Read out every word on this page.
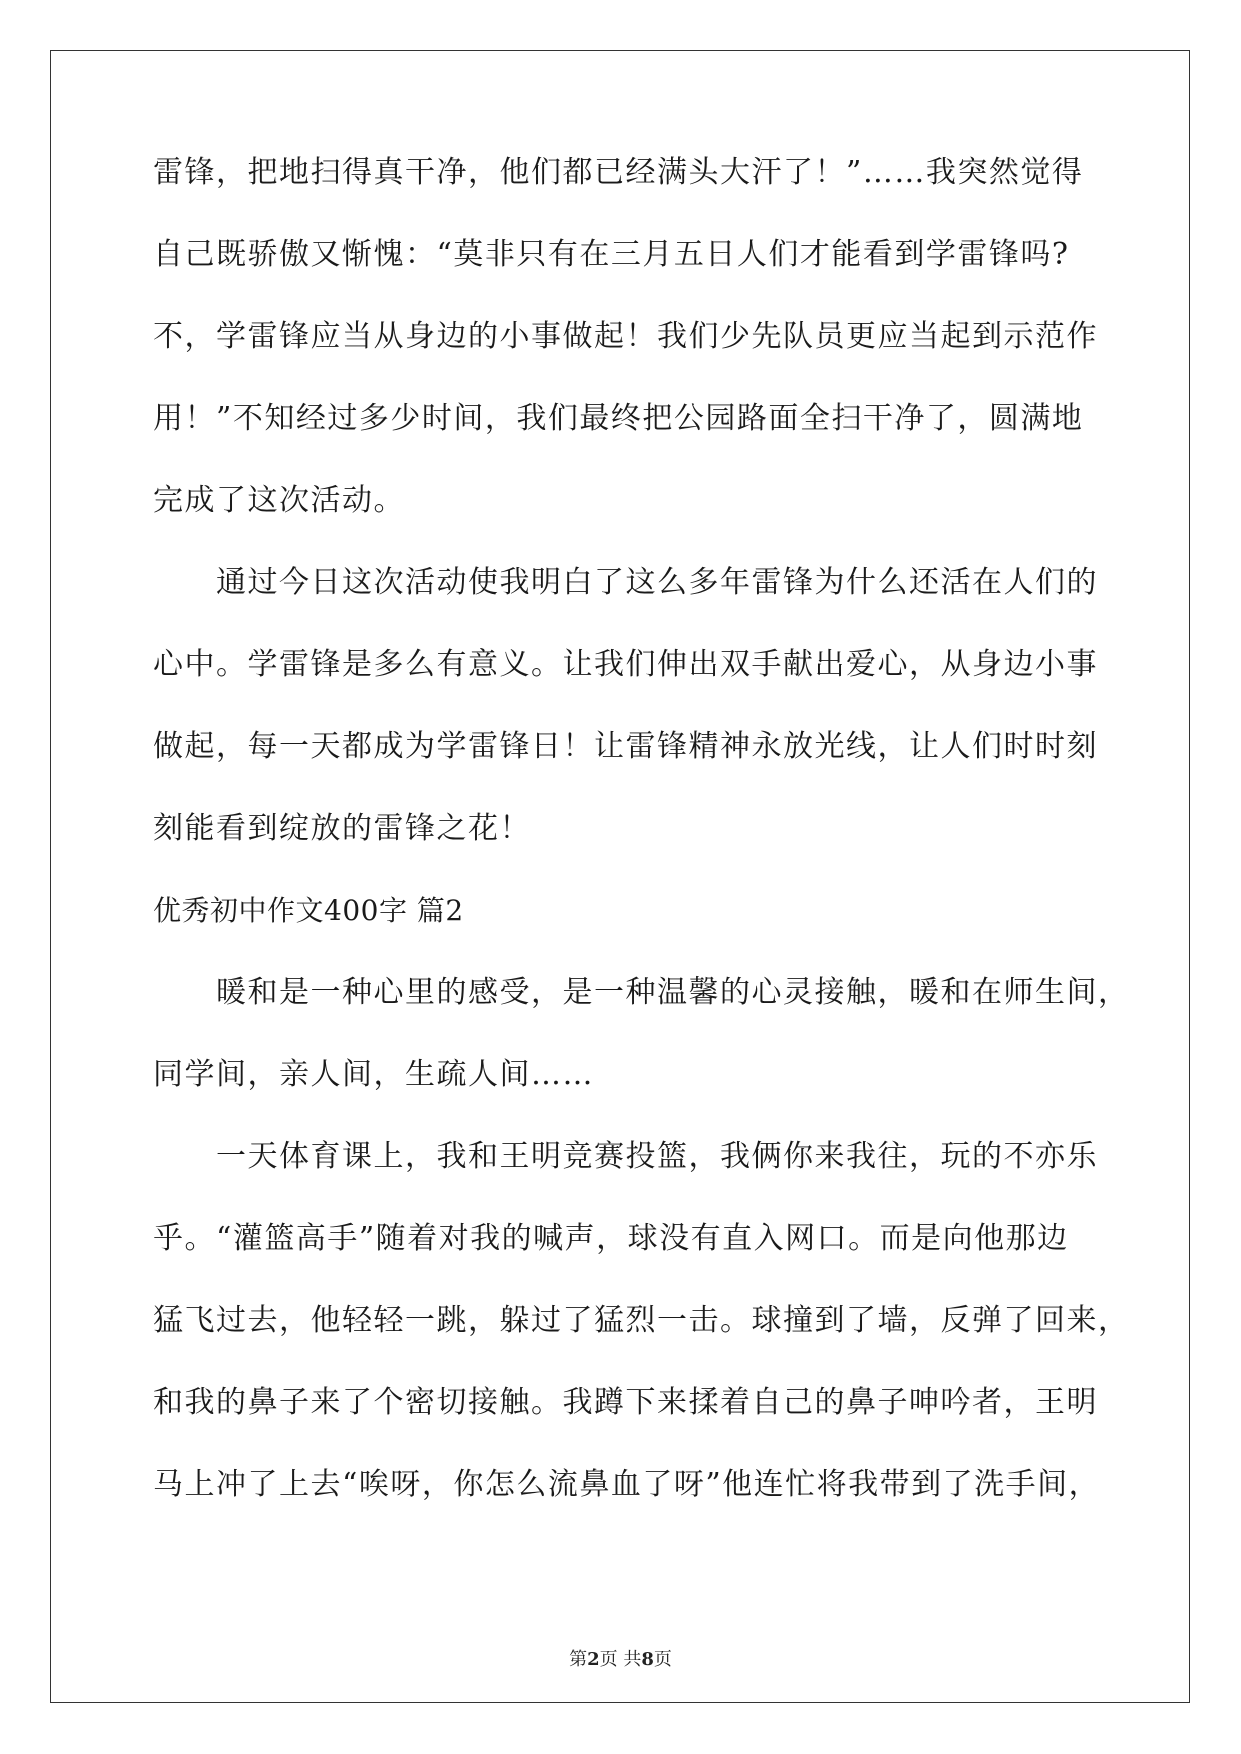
雷锋，把地扫得真干净，他们都已经满头大汗了！”……我突然觉得
自己既骄傲又惭愧：“莫非只有在三月五日人们才能看到学雷锋吗?
不，学雷锋应当从身边的小事做起！我们少先队员更应当起到示范作
用！”不知经过多少时间，我们最终把公园路面全扫干净了，圆满地
完成了这次活动。
通过今日这次活动使我明白了这么多年雷锋为什么还活在人们的
心中。学雷锋是多么有意义。让我们伸出双手献出爱心，从身边小事
做起，每一天都成为学雷锋日！让雷锋精神永放光线，让人们时时刻
刻能看到绽放的雷锋之花！
优秀初中作文400字 篇2
暖和是一种心里的感受，是一种温馨的心灵接触，暖和在师生间，
同学间，亲人间，生疏人间……
一天体育课上，我和王明竞赛投篮，我俩你来我往，玩的不亦乐
乎。“灌篮高手”随着对我的喊声，球没有直入网口。而是向他那边
猛飞过去，他轻轻一跳，躲过了猛烈一击。球撞到了墙，反弹了回来，
和我的鼻子来了个密切接触。我蹲下来揉着自己的鼻子呻吟者，王明
马上冲了上去“唉呀，你怎么流鼻血了呀”他连忙将我带到了洗手间，
第2页 共8页
